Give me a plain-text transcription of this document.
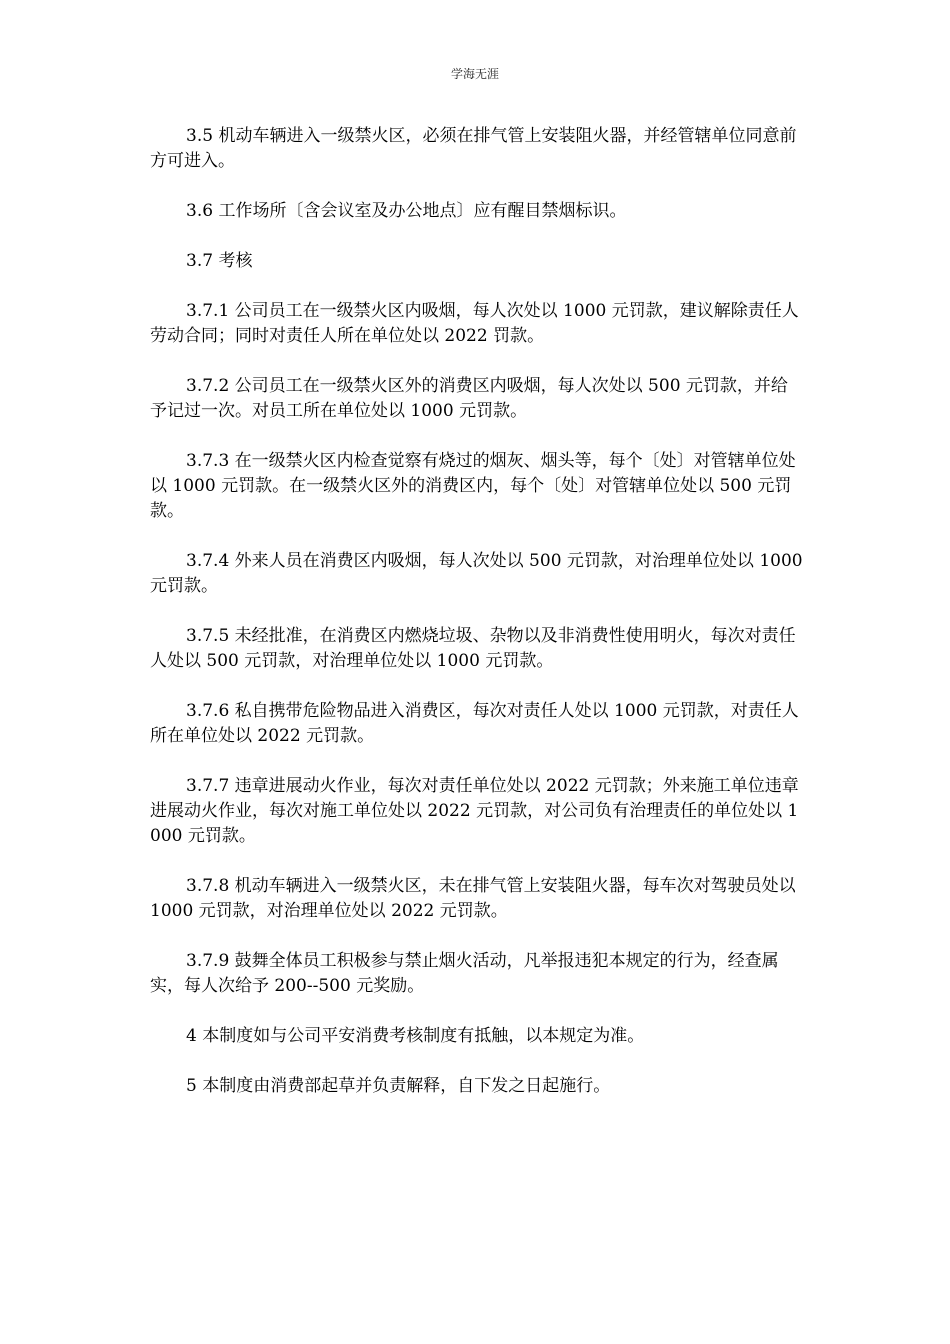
学海无涯

3.5 机动车辆进入一级禁火区，必须在排气管上安装阻火器，并经管辖单位同意前方可进入。

3.6 工作场所〔含会议室及办公地点〕应有醒目禁烟标识。

3.7 考核

3.7.1 公司员工在一级禁火区内吸烟，每人次处以 1000 元罚款，建议解除责任人劳动合同；同时对责任人所在单位处以 2022 罚款。

3.7.2 公司员工在一级禁火区外的消费区内吸烟，每人次处以 500 元罚款，并给予记过一次。对员工所在单位处以 1000 元罚款。

3.7.3 在一级禁火区内检查觉察有烧过的烟灰、烟头等，每个〔处〕对管辖单位处以 1000 元罚款。在一级禁火区外的消费区内，每个〔处〕对管辖单位处以 500 元罚款。

3.7.4 外来人员在消费区内吸烟，每人次处以 500 元罚款，对治理单位处以 1000 元罚款。

3.7.5 未经批准，在消费区内燃烧垃圾、杂物以及非消费性使用明火，每次对责任人处以 500 元罚款，对治理单位处以 1000 元罚款。

3.7.6 私自携带危险物品进入消费区，每次对责任人处以 1000 元罚款，对责任人所在单位处以 2022 元罚款。

3.7.7 违章进展动火作业，每次对责任单位处以 2022 元罚款；外来施工单位违章进展动火作业，每次对施工单位处以 2022 元罚款，对公司负有治理责任的单位处以 1000 元罚款。

3.7.8 机动车辆进入一级禁火区，未在排气管上安装阻火器，每车次对驾驶员处以 1000 元罚款，对治理单位处以 2022 元罚款。

3.7.9 鼓舞全体员工积极参与禁止烟火活动，凡举报违犯本规定的行为，经查属实，每人次给予 200--500 元奖励。

4 本制度如与公司平安消费考核制度有抵触，以本规定为准。

5 本制度由消费部起草并负责解释，自下发之日起施行。
